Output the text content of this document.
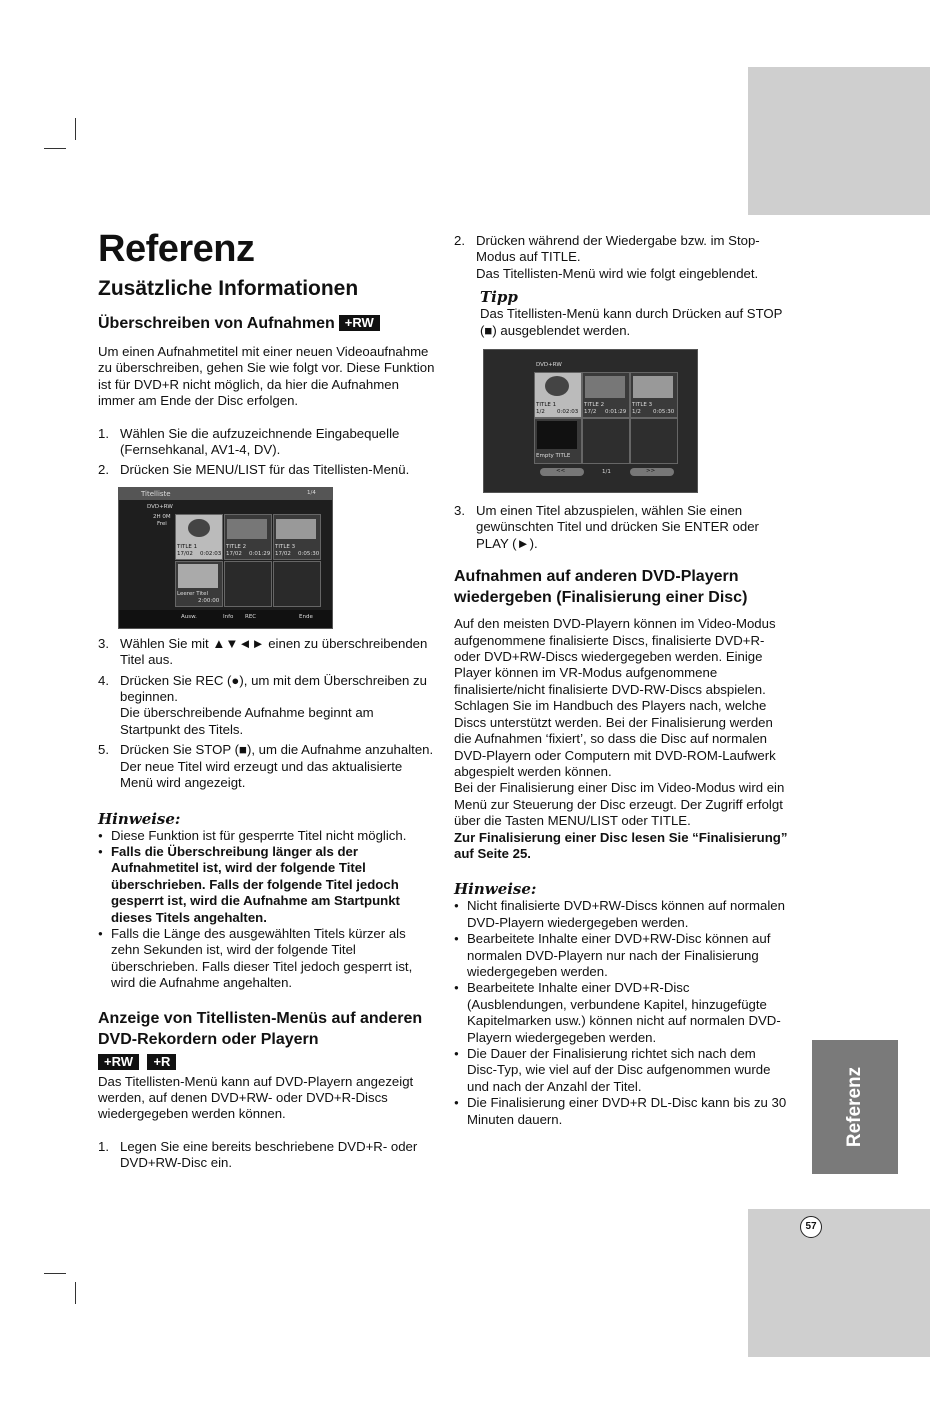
Referenz
57
Referenz
Zusätzliche Informationen
Überschreiben von Aufnahmen +RW
Um einen Aufnahmetitel mit einer neuen Videoaufnahme zu überschreiben, gehen Sie wie folgt vor. Diese Funktion ist für DVD+R nicht möglich, da hier die Aufnahmen immer am Ende der Disc erfolgen.
1. Wählen Sie die aufzuzeichnende Eingabequelle (Fernsehkanal, AV1-4, DV).
2. Drücken Sie MENU/LIST für das Titellisten-Menü.
Titelliste	1/4
DVD+RW
2H 0M
Frei
TITLE 1
17/02 0:02:03
TITLE 2
17/02 0:01:29
TITLE 3
17/02 0:05:30
Leerer Titel
2:00:00
Ausw.	Info REC	Ende
3. Wählen Sie mit ▲▼◄► einen zu überschreibenden Titel aus.
4. Drücken Sie REC (●), um mit dem Überschreiben zu beginnen.
Die überschreibende Aufnahme beginnt am Startpunkt des Titels.
5. Drücken Sie STOP (■), um die Aufnahme anzuhalten.
Der neue Titel wird erzeugt und das aktualisierte Menü wird angezeigt.
Hinweise:
● Diese Funktion ist für gesperrte Titel nicht möglich.
● Falls die Überschreibung länger als der Aufnahmetitel ist, wird der folgende Titel überschrieben. Falls der folgende Titel jedoch gesperrt ist, wird die Aufnahme am Startpunkt dieses Titels angehalten.
● Falls die Länge des ausgewählten Titels kürzer als zehn Sekunden ist, wird der folgende Titel überschrieben. Falls dieser Titel jedoch gesperrt ist, wird die Aufnahme angehalten.
Anzeige von Titellisten-Menüs auf anderen DVD-Rekordern oder Playern
+RW +R
Das Titellisten-Menü kann auf DVD-Playern angezeigt werden, auf denen DVD+RW- oder DVD+R-Discs wiedergegeben werden können.
1. Legen Sie eine bereits beschriebene DVD+R- oder DVD+RW-Disc ein.
2. Drücken während der Wiedergabe bzw. im Stop-Modus auf TITLE.
Das Titellisten-Menü wird wie folgt eingeblendet.
Tipp
Das Titellisten-Menü kann durch Drücken auf STOP (■) ausgeblendet werden.
DVD+RW
TITLE 1
1/2 0:02:03
TITLE 2
17/2 0:01:29
TITLE 3
1/2 0:05:30
Empty TITLE
<<	1/1	>>
3. Um einen Titel abzuspielen, wählen Sie einen gewünschten Titel und drücken Sie ENTER oder PLAY (►).
Aufnahmen auf anderen DVD-Playern wiedergeben (Finalisierung einer Disc)
Auf den meisten DVD-Playern können im Video-Modus aufgenommene finalisierte Discs, finalisierte DVD+R- oder DVD+RW-Discs wiedergegeben werden. Einige Player können im VR-Modus aufgenommene finalisierte/nicht finalisierte DVD-RW-Discs abspielen. Schlagen Sie im Handbuch des Players nach, welche Discs unterstützt werden. Bei der Finalisierung werden die Aufnahmen ‘fixiert’, so dass die Disc auf normalen DVD-Playern oder Computern mit DVD-ROM-Laufwerk abgespielt werden können.
Bei der Finalisierung einer Disc im Video-Modus wird ein Menü zur Steuerung der Disc erzeugt. Der Zugriff erfolgt über die Tasten MENU/LIST oder TITLE.
Zur Finalisierung einer Disc lesen Sie “Finalisierung” auf Seite 25.
Hinweise:
● Nicht finalisierte DVD+RW-Discs können auf normalen DVD-Playern wiedergegeben werden.
● Bearbeitete Inhalte einer DVD+RW-Disc können auf normalen DVD-Playern nur nach der Finalisierung wiedergegeben werden.
● Bearbeitete Inhalte einer DVD+R-Disc (Ausblendungen, verbundene Kapitel, hinzugefügte Kapitelmarken usw.) können nicht auf normalen DVD-Playern wiedergegeben werden.
● Die Dauer der Finalisierung richtet sich nach dem Disc-Typ, wie viel auf der Disc aufgenommen wurde und nach der Anzahl der Titel.
● Die Finalisierung einer DVD+R DL-Disc kann bis zu 30 Minuten dauern.
